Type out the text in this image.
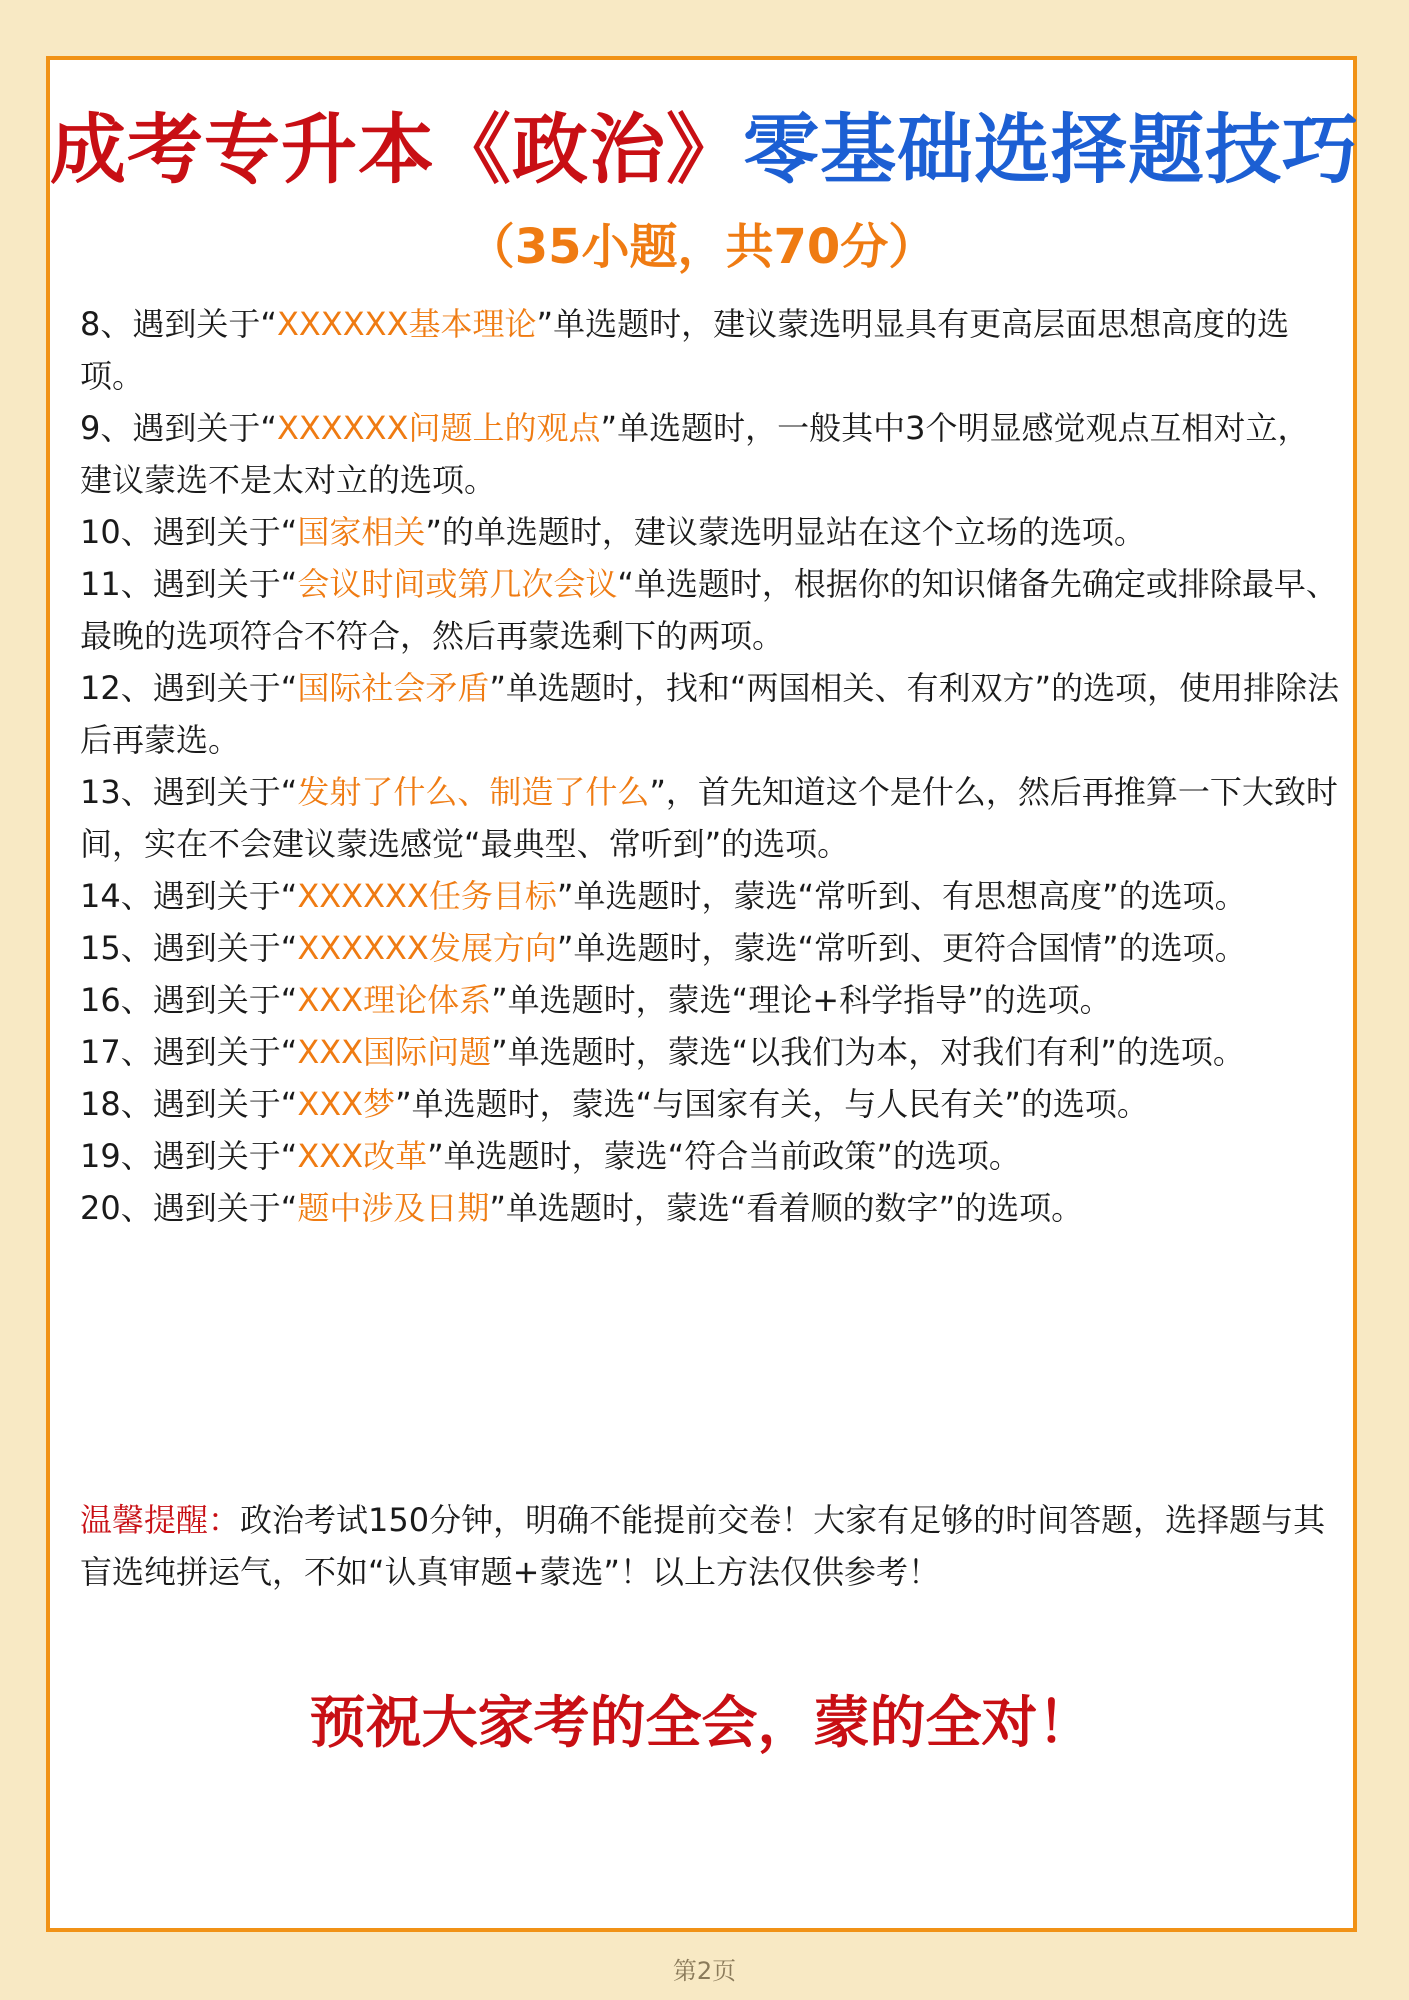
成考专升本《政治》零基础选择题技巧
（35小题，共70分）

8、遇到关于“XXXXXX基本理论”单选题时，建议蒙选明显具有更高层面思想高度的选项。

9、遇到关于“XXXXXX问题上的观点”单选题时，一般其中3个明显感觉观点互相对立，建议蒙选不是太对立的选项。

10、遇到关于“国家相关”的单选题时，建议蒙选明显站在这个立场的选项。

11、遇到关于“会议时间或第几次会议“单选题时，根据你的知识储备先确定或排除最早、最晚的选项符合不符合，然后再蒙选剩下的两项。

12、遇到关于“国际社会矛盾”单选题时，找和“两国相关、有利双方”的选项，使用排除法后再蒙选。

13、遇到关于“发射了什么、制造了什么”，首先知道这个是什么，然后再推算一下大致时间，实在不会建议蒙选感觉“最典型、常听到”的选项。

14、遇到关于“XXXXXX任务目标”单选题时，蒙选“常听到、有思想高度”的选项。

15、遇到关于“XXXXXX发展方向”单选题时，蒙选“常听到、更符合国情”的选项。

16、遇到关于“XXX理论体系”单选题时，蒙选“理论+科学指导”的选项。

17、遇到关于“XXX国际问题”单选题时，蒙选“以我们为本，对我们有利”的选项。

18、遇到关于“XXX梦”单选题时，蒙选“与国家有关，与人民有关”的选项。

19、遇到关于“XXX改革”单选题时，蒙选“符合当前政策”的选项。

20、遇到关于“题中涉及日期”单选题时，蒙选“看着顺的数字”的选项。

温馨提醒：政治考试150分钟，明确不能提前交卷！大家有足够的时间答题，选择题与其盲选纯拼运气，不如“认真审题+蒙选”！以上方法仅供参考！
预祝大家考的全会，蒙的全对！
第2页
